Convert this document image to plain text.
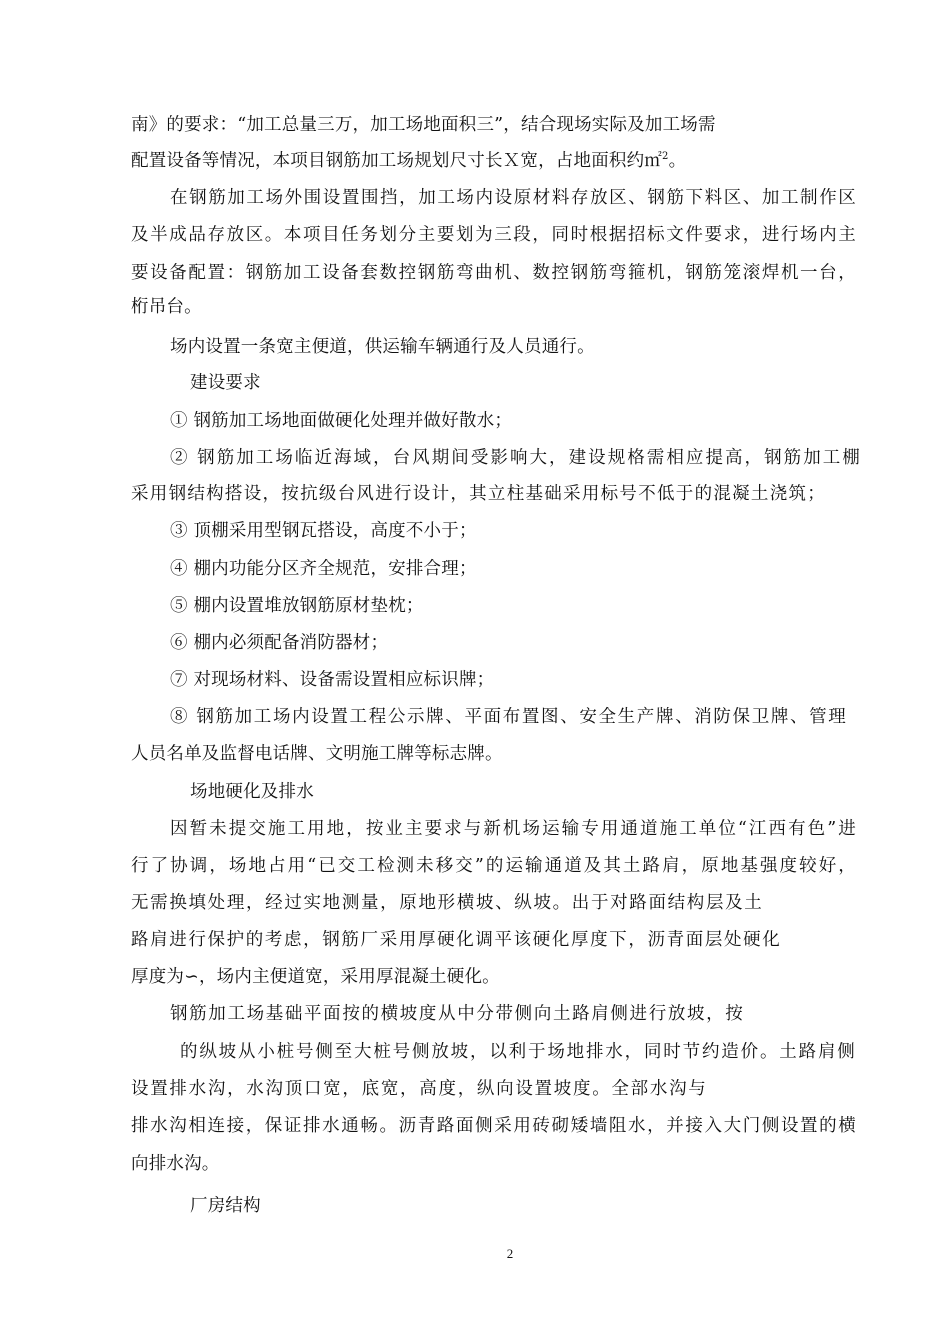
南》的要求：“加工总量三万，加工场地面积三”，结合现场实际及加工场需
配置设备等情况，本项目钢筋加工场规划尺寸长Ｘ宽，占地面积约㎡$^2$。
在钢筋加工场外围设置围挡，加工场内设原材料存放区、钢筋下料区、加工制作区
及半成品存放区。本项目任务划分主要划为三段，同时根据招标文件要求，进行场内主
要设备配置：钢筋加工设备套数控钢筋弯曲机、数控钢筋弯箍机，钢筋笼滚焊机一台，
桁吊台。
场内设置一条宽主便道，供运输车辆通行及人员通行。
建设要求
① 钢筋加工场地面做硬化处理并做好散水；
② 钢筋加工场临近海域，台风期间受影响大，建设规格需相应提高，钢筋加工棚
采用钢结构搭设，按抗级台风进行设计，其立柱基础采用标号不低于的混凝土浇筑；
③ 顶棚采用型钢瓦搭设，高度不小于；
④ 棚内功能分区齐全规范，安排合理；
⑤ 棚内设置堆放钢筋原材垫枕；
⑥ 棚内必须配备消防器材；
⑦ 对现场材料、设备需设置相应标识牌；
⑧ 钢筋加工场内设置工程公示牌、平面布置图、安全生产牌、消防保卫牌、管理
人员名单及监督电话牌、文明施工牌等标志牌。
场地硬化及排水
因暂未提交施工用地，按业主要求与新机场运输专用通道施工单位“江西有色”进
行了协调，场地占用“已交工检测未移交”的运输通道及其土路肩，原地基强度较好，
无需换填处理，经过实地测量，原地形横坡、纵坡。出于对路面结构层及土
路肩进行保护的考虑，钢筋厂采用厚硬化调平该硬化厚度下，沥青面层处硬化
厚度为∽，场内主便道宽，采用厚混凝土硬化。
钢筋加工场基础平面按的横坡度从中分带侧向土路肩侧进行放坡，按
的纵坡从小桩号侧至大桩号侧放坡，以利于场地排水，同时节约造价。土路肩侧
设置排水沟，水沟顶口宽，底宽，高度，纵向设置坡度。全部水沟与
排水沟相连接，保证排水通畅。沥青路面侧采用砖砌矮墙阻水，并接入大门侧设置的横
向排水沟。
厂房结构
2
